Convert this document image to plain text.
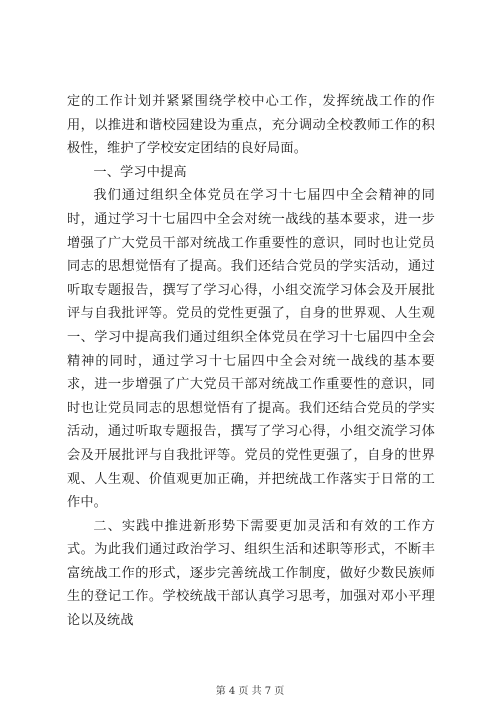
定的工作计划并紧紧围绕学校中心工作，发挥统战工作的作用，以推进和谐校园建设为重点，充分调动全校教师工作的积极性，维护了学校安定团结的良好局面。

一、学习中提高

我们通过组织全体党员在学习十七届四中全会精神的同时，通过学习十七届四中全会对统一战线的基本要求，进一步增强了广大党员干部对统战工作重要性的意识，同时也让党员同志的思想觉悟有了提高。我们还结合党员的学实活动，通过听取专题报告，撰写了学习心得，小组交流学习体会及开展批评与自我批评等。党员的党性更强了，自身的世界观、人生观一、学习中提高我们通过组织全体党员在学习十七届四中全会精神的同时，通过学习十七届四中全会对统一战线的基本要求，进一步增强了广大党员干部对统战工作重要性的意识，同时也让党员同志的思想觉悟有了提高。我们还结合党员的学实活动，通过听取专题报告，撰写了学习心得，小组交流学习体会及开展批评与自我批评等。党员的党性更强了，自身的世界观、人生观、价值观更加正确，并把统战工作落实于日常的工作中。

二、实践中推进新形势下需要更加灵活和有效的工作方式。为此我们通过政治学习、组织生活和述职等形式，不断丰富统战工作的形式，逐步完善统战工作制度，做好少数民族师生的登记工作。学校统战干部认真学习思考，加强对邓小平理论以及统战

第 4 页 共 7 页
